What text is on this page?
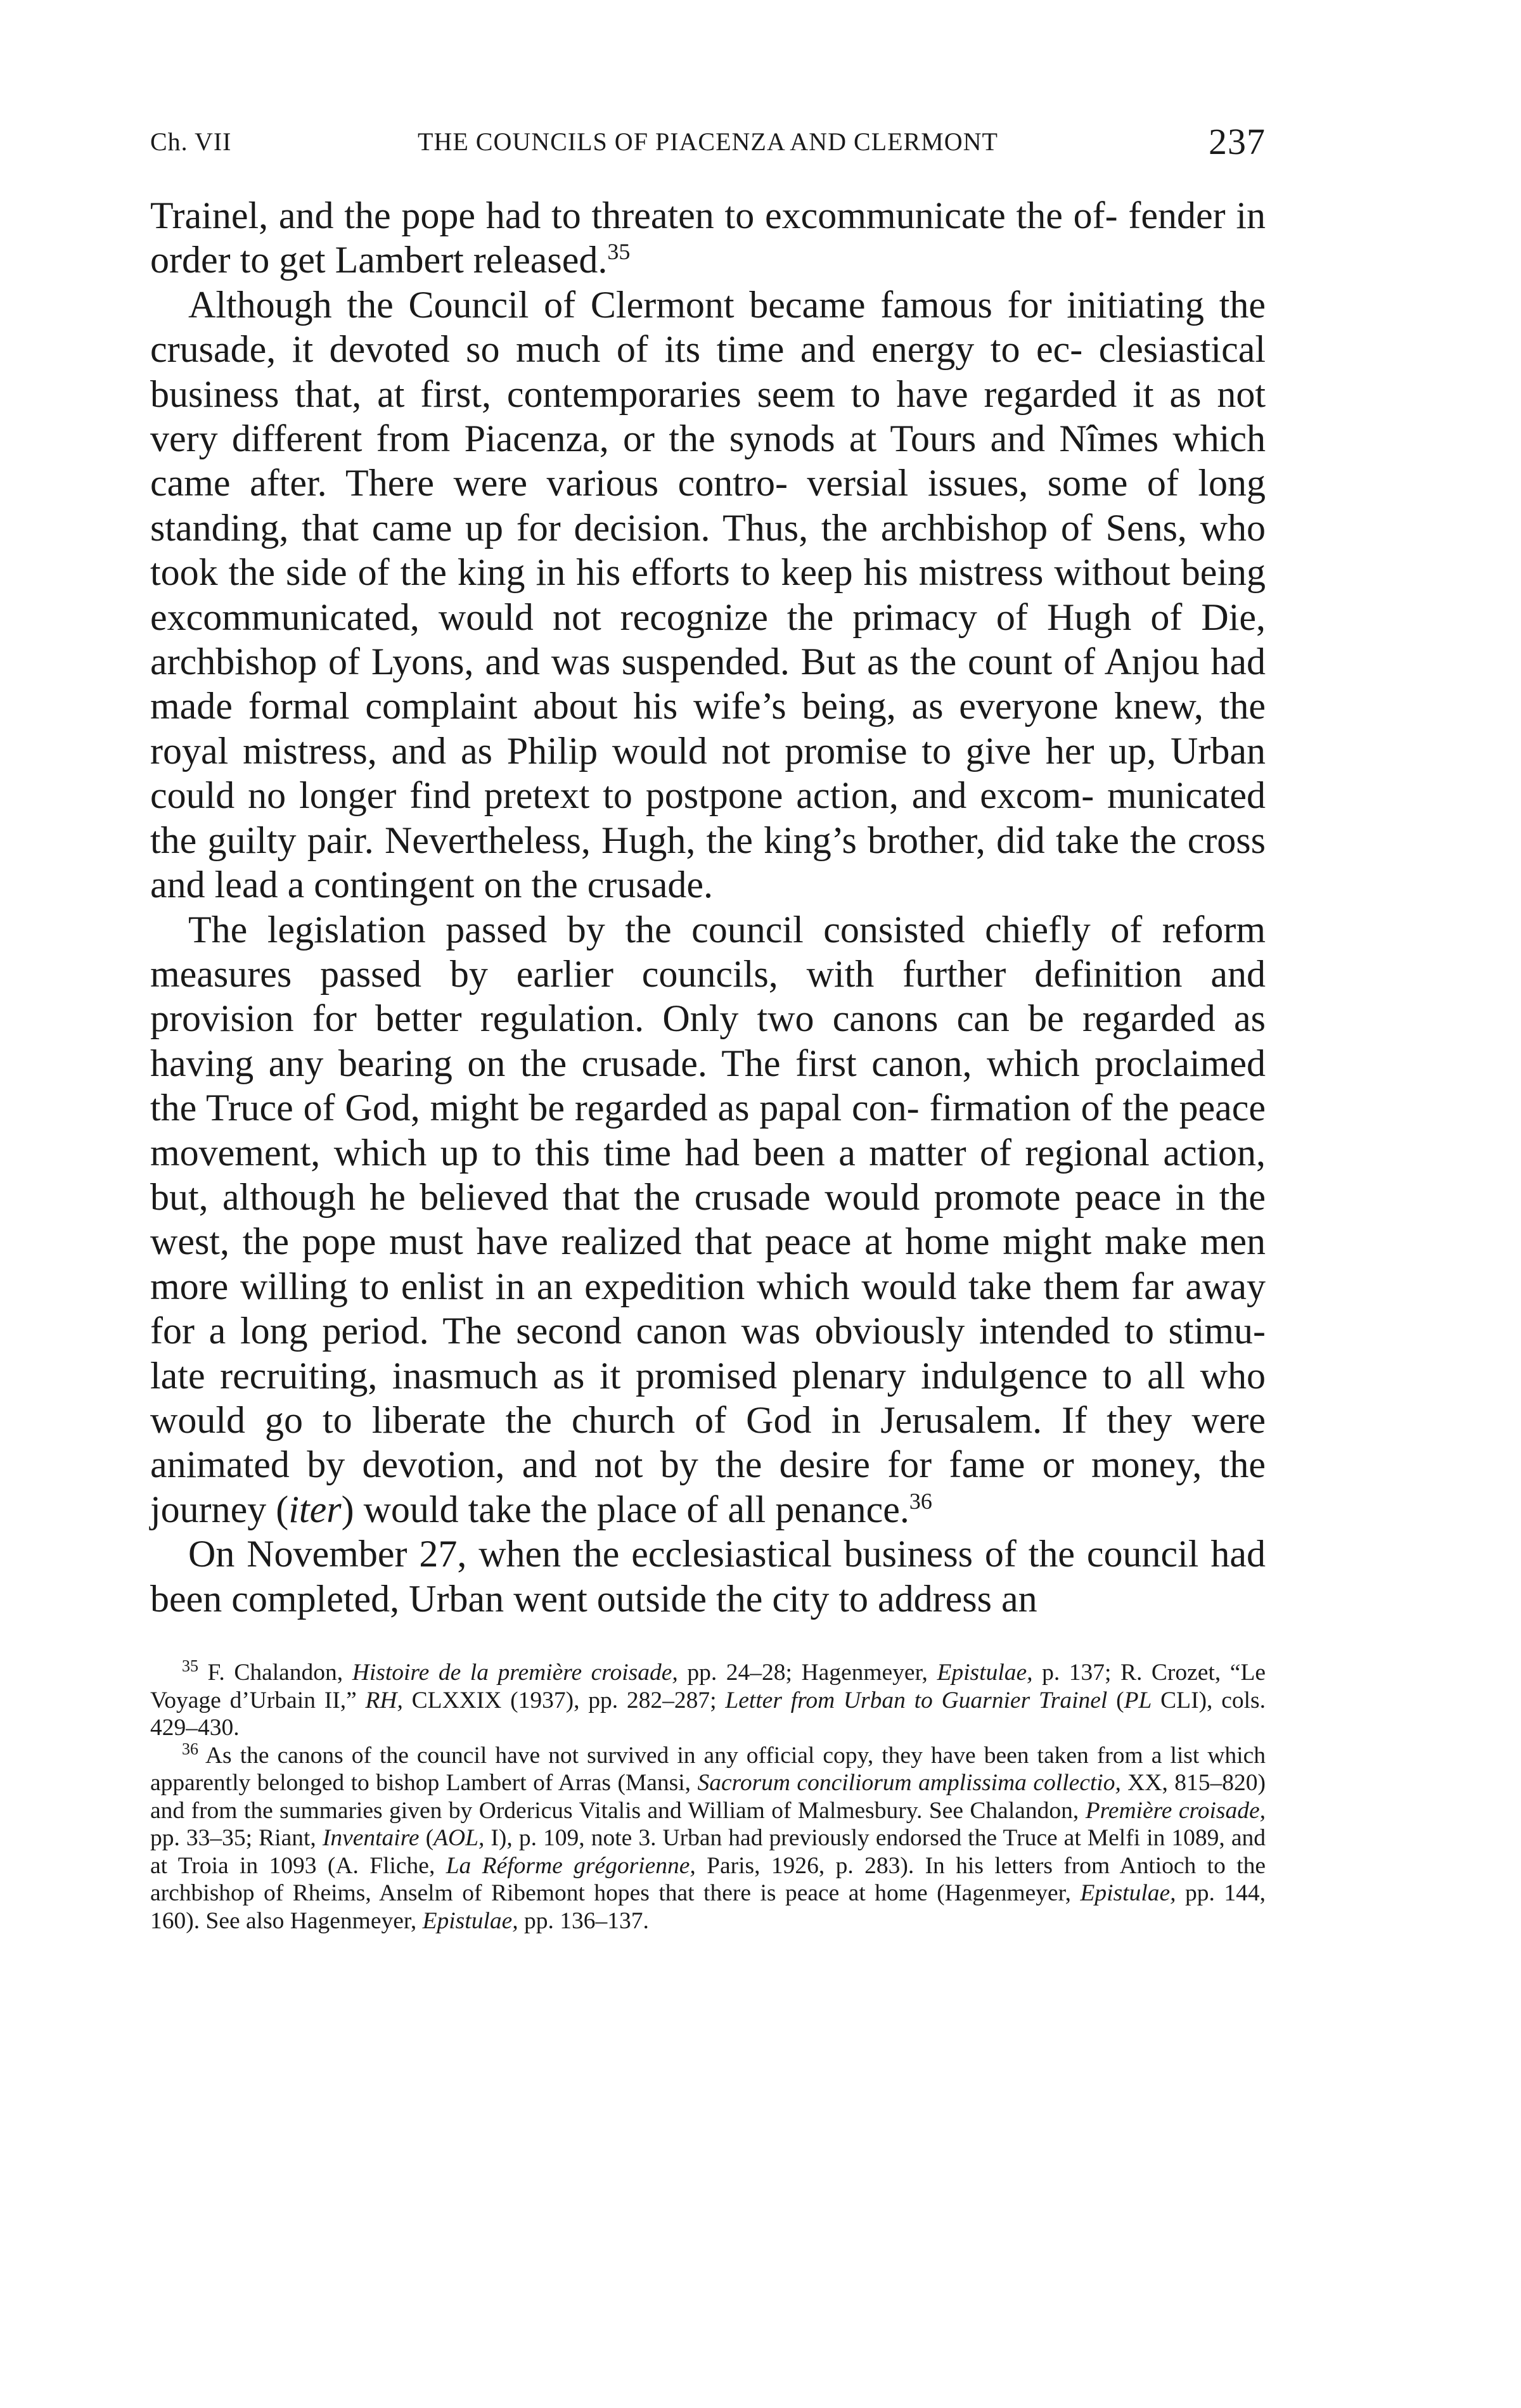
Ch. VII	THE COUNCILS OF PIACENZA AND CLERMONT	237

Trainel, and the pope had to threaten to excommunicate the of- fender in order to get Lambert released.$^{35}$

Although the Council of Clermont became famous for initiating the crusade, it devoted so much of its time and energy to ec- clesiastical business that, at first, contemporaries seem to have regarded it as not very different from Piacenza, or the synods at Tours and Nîmes which came after. There were various contro- versial issues, some of long standing, that came up for decision. Thus, the archbishop of Sens, who took the side of the king in his efforts to keep his mistress without being excommunicated, would not recognize the primacy of Hugh of Die, archbishop of Lyons, and was suspended. But as the count of Anjou had made formal complaint about his wife’s being, as everyone knew, the royal mistress, and as Philip would not promise to give her up, Urban could no longer find pretext to postpone action, and excom- municated the guilty pair. Nevertheless, Hugh, the king’s brother, did take the cross and lead a contingent on the crusade.

The legislation passed by the council consisted chiefly of reform measures passed by earlier councils, with further definition and provision for better regulation. Only two canons can be regarded as having any bearing on the crusade. The first canon, which proclaimed the Truce of God, might be regarded as papal con- firmation of the peace movement, which up to this time had been a matter of regional action, but, although he believed that the crusade would promote peace in the west, the pope must have realized that peace at home might make men more willing to enlist in an expedition which would take them far away for a long period. The second canon was obviously intended to stimu- late recruiting, inasmuch as it promised plenary indulgence to all who would go to liberate the church of God in Jerusalem. If they were animated by devotion, and not by the desire for fame or money, the journey (iter) would take the place of all penance.$^{36}$

On November 27, when the ecclesiastical business of the council had been completed, Urban went outside the city to address an

$^{35}$ F. Chalandon, Histoire de la première croisade, pp. 24–28; Hagenmeyer, Epistulae, p. 137; R. Crozet, “Le Voyage d’Urbain II,” RH, CLXXIX (1937), pp. 282–287; Letter from Urban to Guarnier Trainel (PL CLI), cols. 429–430.

$^{36}$ As the canons of the council have not survived in any official copy, they have been taken from a list which apparently belonged to bishop Lambert of Arras (Mansi, Sacrorum conciliorum amplissima collectio, XX, 815–820) and from the summaries given by Ordericus Vitalis and William of Malmesbury. See Chalandon, Première croisade, pp. 33–35; Riant, Inventaire (AOL, I), p. 109, note 3. Urban had previously endorsed the Truce at Melfi in 1089, and at Troia in 1093 (A. Fliche, La Réforme grégorienne, Paris, 1926, p. 283). In his letters from Antioch to the archbishop of Rheims, Anselm of Ribemont hopes that there is peace at home (Hagenmeyer, Epistulae, pp. 144, 160). See also Hagenmeyer, Epistulae, pp. 136–137.
